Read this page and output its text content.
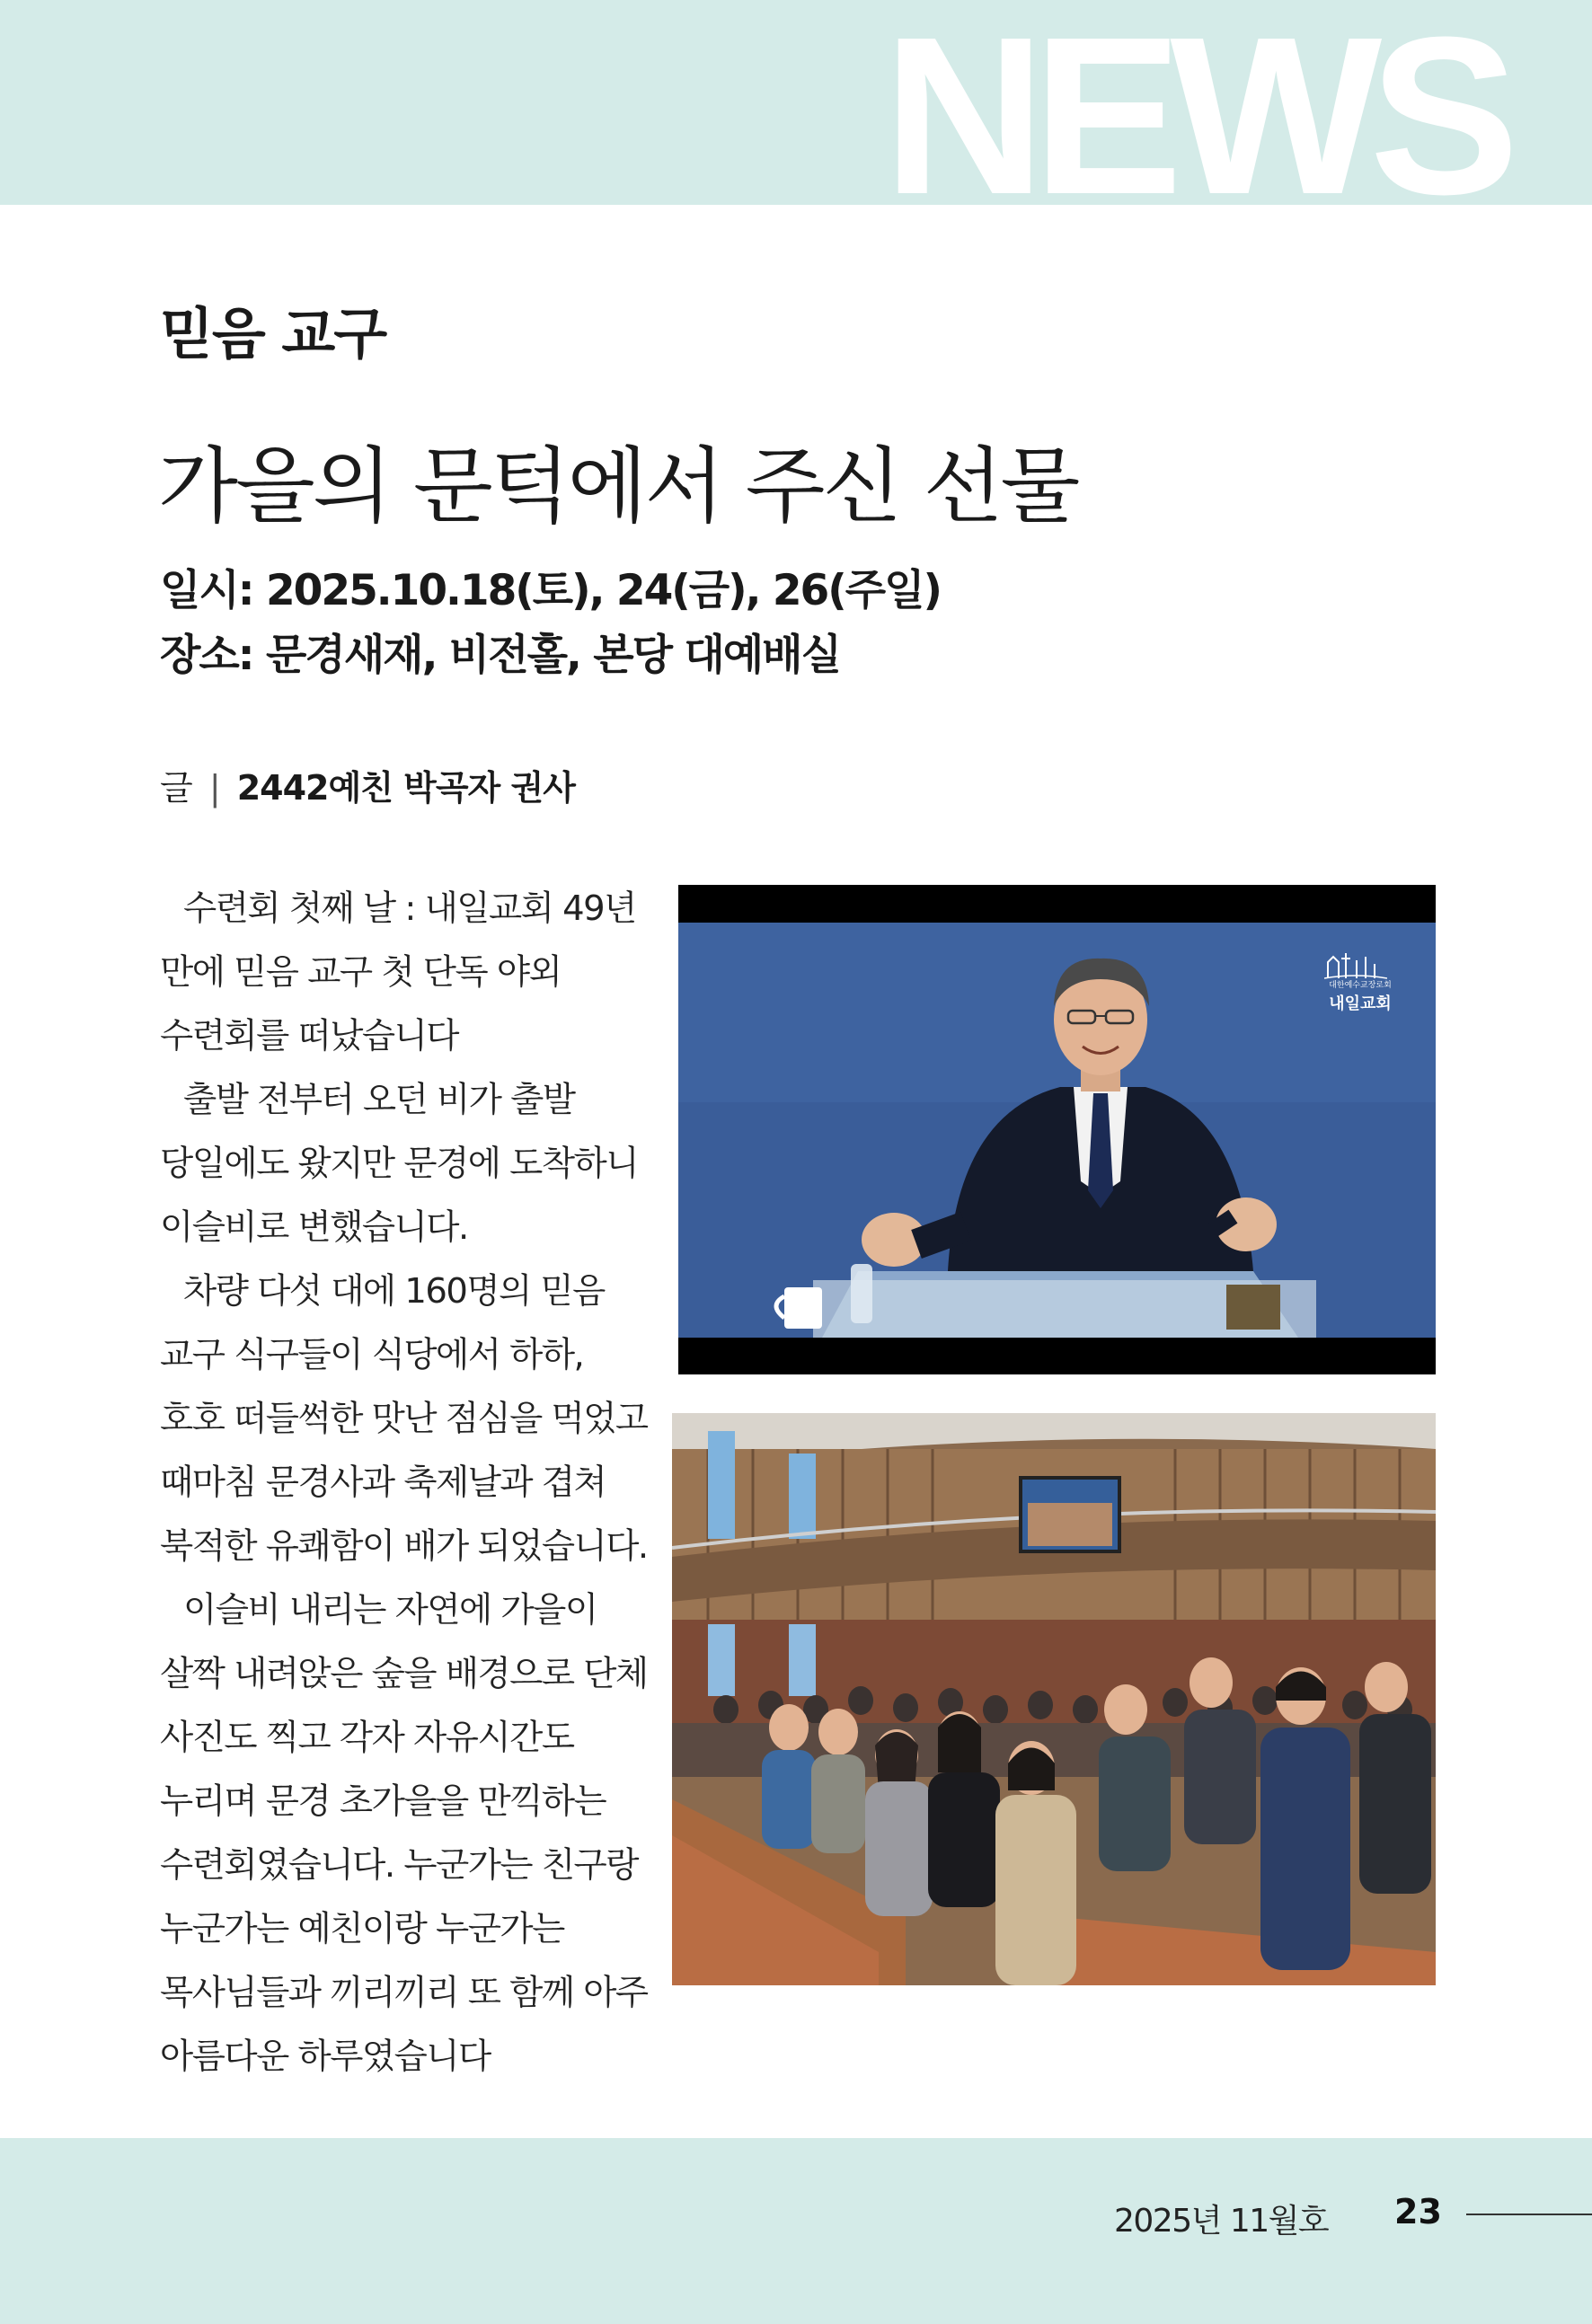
NEWS
믿음 교구
가을의 문턱에서 주신 선물
일시: 2025.10.18(토), 24(금), 26(주일)
장소: 문경새재, 비전홀, 본당 대예배실
글 | 2442예친 박곡자 권사

수련회 첫째 날 : 내일교회 49년 만에 믿음 교구 첫 단독 야외 수련회를 떠났습니다

출발 전부터 오던 비가 출발 당일에도 왔지만 문경에 도착하니 이슬비로 변했습니다.

차량 다섯 대에 160명의 믿음 교구 식구들이 식당에서 하하, 호호 떠들썩한 맛난 점심을 먹었고 때마침 문경사과 축제날과 겹쳐 북적한 유쾌함이 배가 되었습니다.

이슬비 내리는 자연에 가을이 살짝 내려앉은 숲을 배경으로 단체 사진도 찍고 각자 자유시간도 누리며 문경 초가을을 만끽하는 수련회였습니다. 누군가는 친구랑 누군가는 예친이랑 누군가는 목사님들과 끼리끼리 또 함께 아주 아름다운 하루였습니다

대한예수교장로회
내일교회
2025년 11월호 23
